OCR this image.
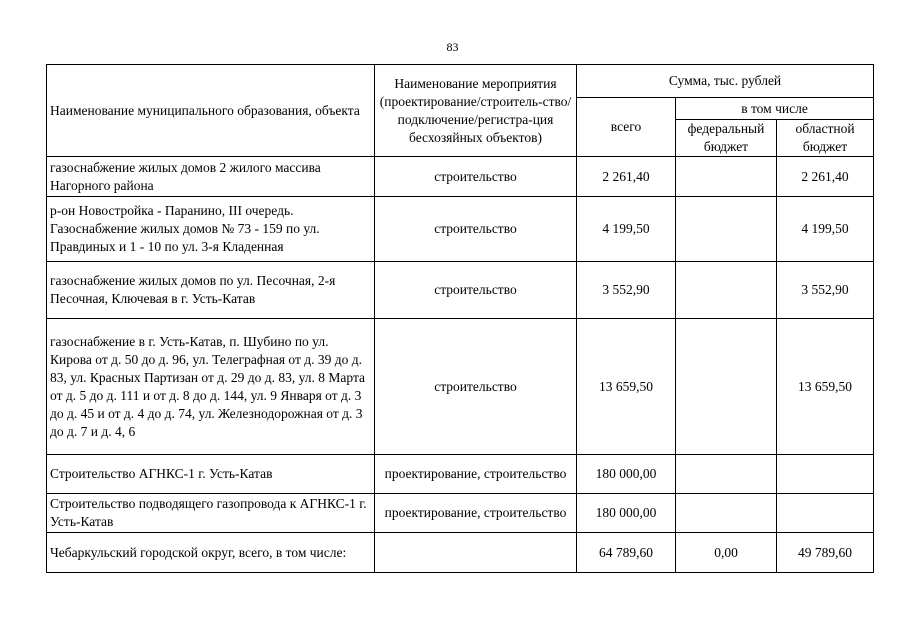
83
Наименование муниципального образования, объекта	Наименование мероприятия (проектирование/строитель-ство/подключение/регистра-ция бесхозяйных объектов)	Сумма, тыс. рублей		
		всего	в том числе	
			федеральный бюджет	областной бюджет
газоснабжение жилых домов 2 жилого массива Нагорного района	строительство	2 261,40		2 261,40
р-он Новостройка - Паранино, III очередь. Газоснабжение жилых домов № 73 - 159 по ул. Правдиных и 1 - 10 по ул. 3-я Кладенная	строительство	4 199,50		4 199,50
газоснабжение жилых домов по ул. Песочная, 2-я Песочная, Ключевая в г. Усть-Катав	строительство	3 552,90		3 552,90
газоснабжение в г. Усть-Катав, п. Шубино по ул. Кирова от д. 50 до д. 96, ул. Телеграфная от д. 39 до д. 83, ул. Красных Партизан от д. 29 до д. 83, ул. 8 Марта от д. 5 до д. 111 и от д. 8 до д. 144, ул. 9 Января от д. 3 до д. 45 и от д. 4 до д. 74, ул. Железнодорожная от д. 3 до д. 7 и д. 4, 6	строительство	13 659,50		13 659,50
Строительство АГНКС-1 г. Усть-Катав	проектирование, строительство	180 000,00		
Строительство подводящего газопровода к АГНКС-1 г. Усть-Катав	проектирование, строительство	180 000,00		
Чебаркульский городской округ, всего, в том числе:		64 789,60	0,00	49 789,60
